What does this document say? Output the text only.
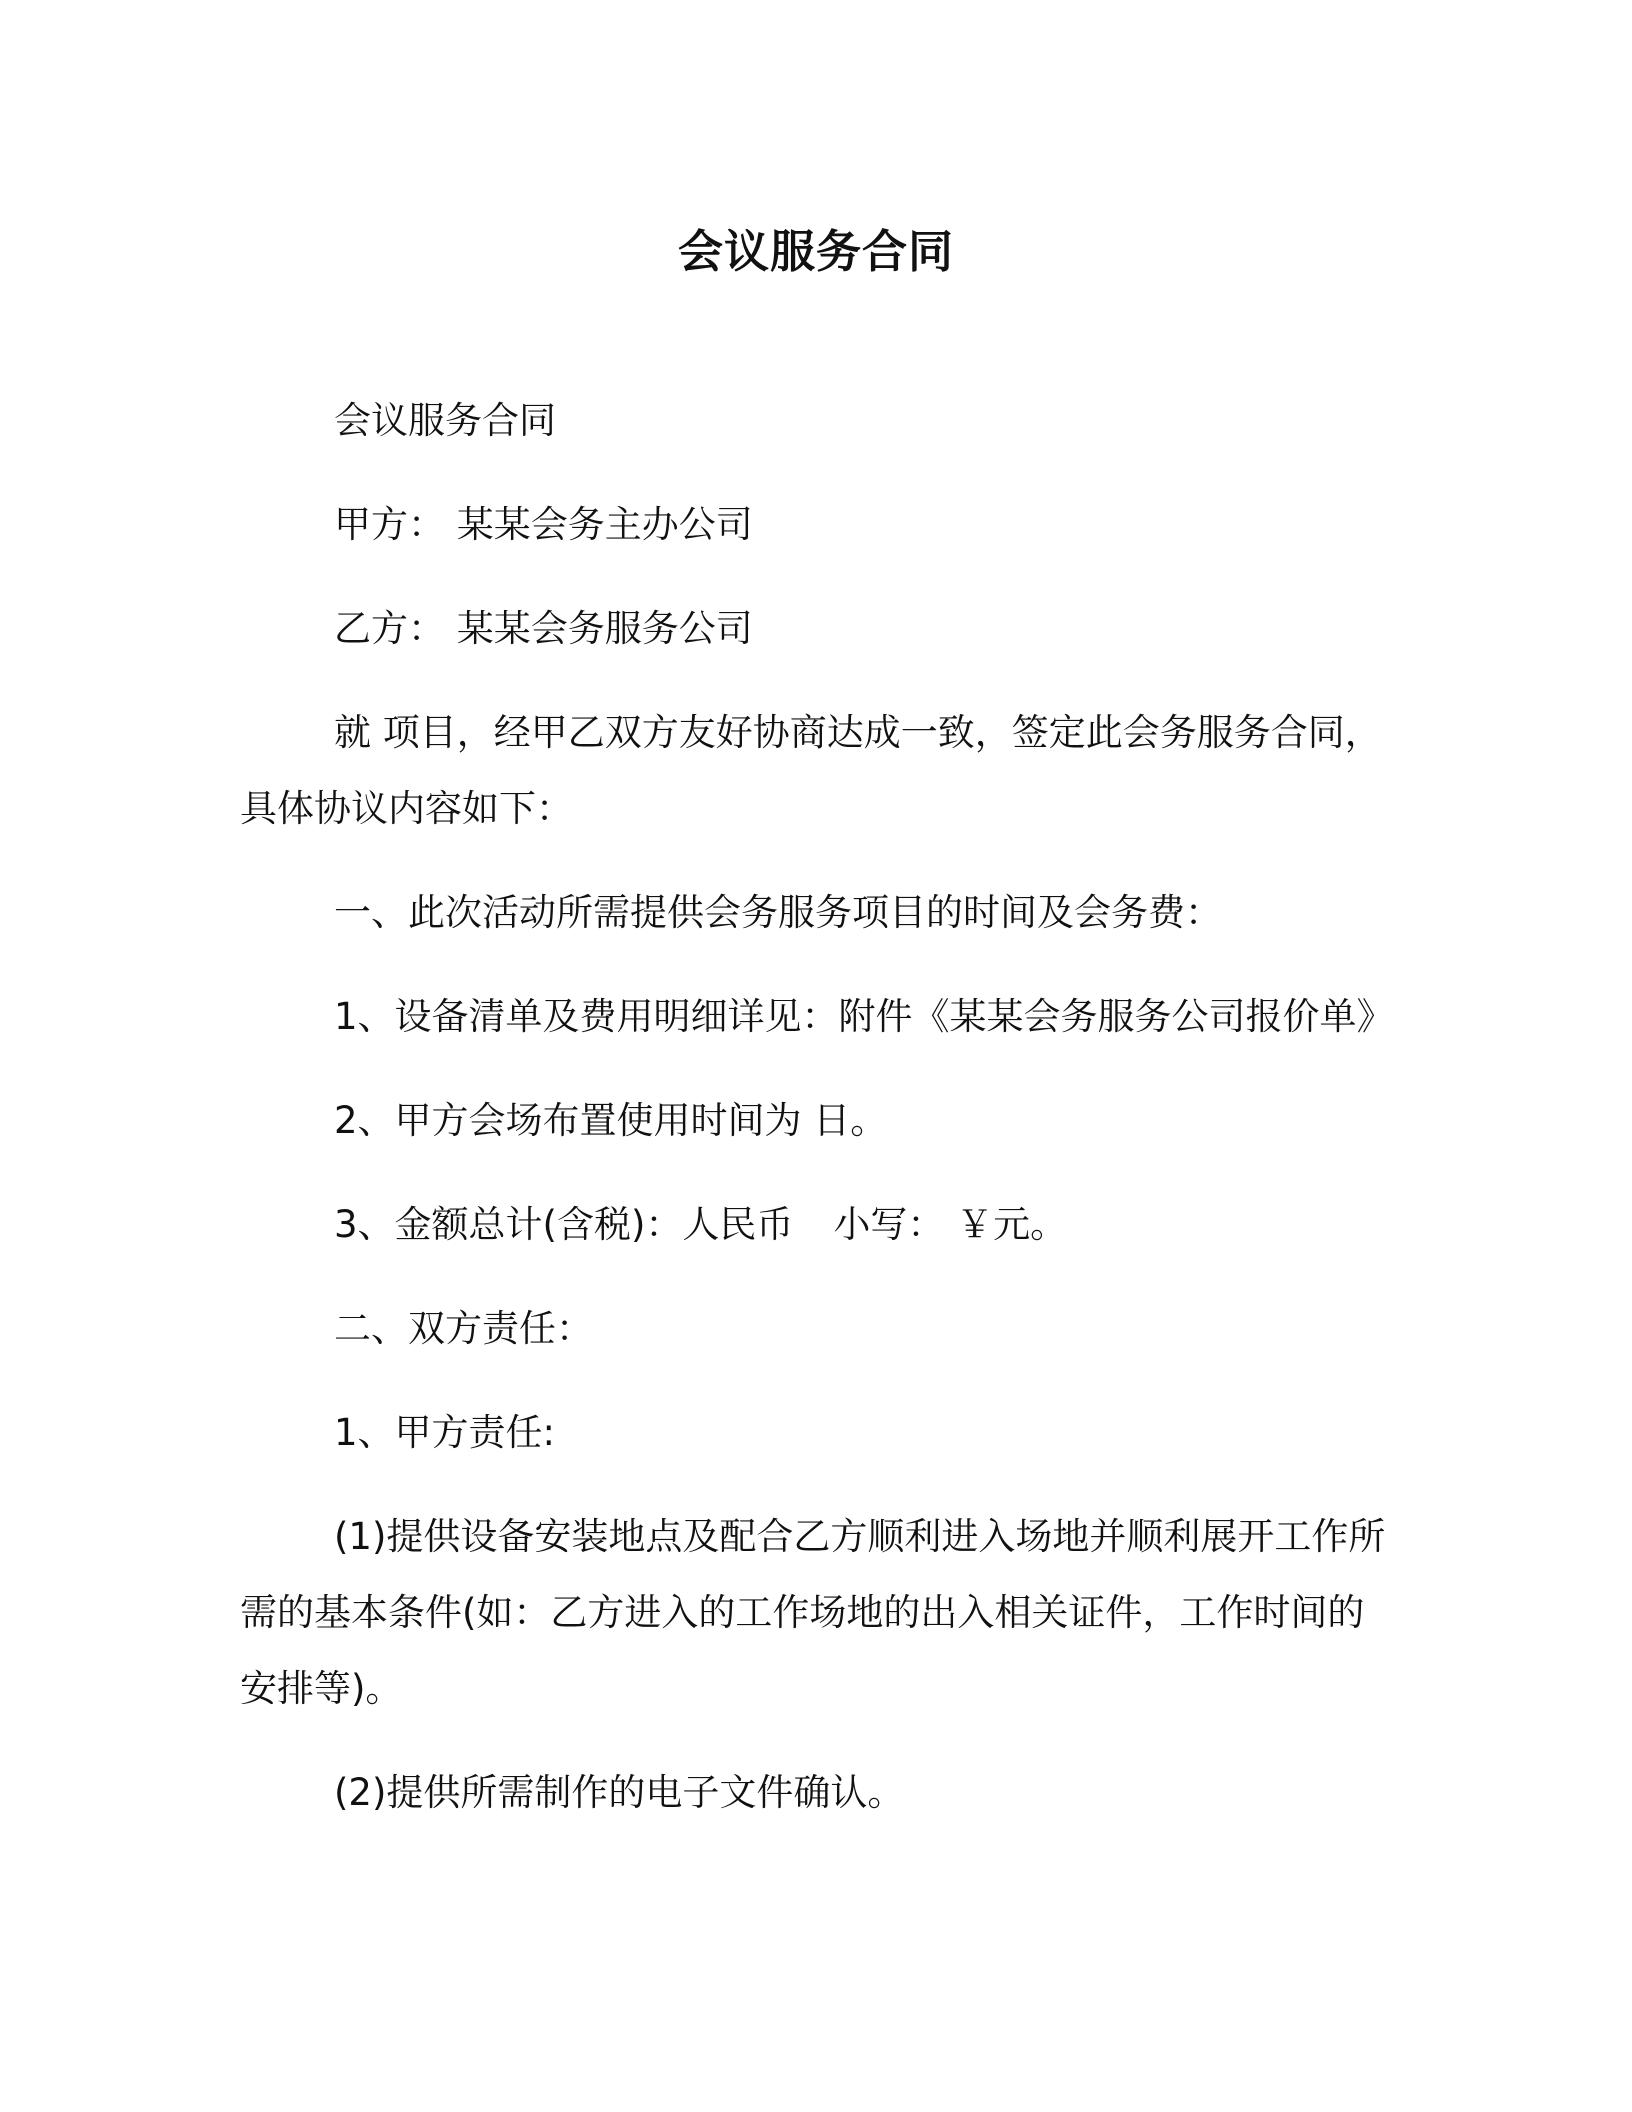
会议服务合同
会议服务合同
甲方： 某某会务主办公司
乙方： 某某会务服务公司
就 项目，经甲乙双方友好协商达成一致，签定此会务服务合同，
具体协议内容如下：
一、此次活动所需提供会务服务项目的时间及会务费：
1、设备清单及费用明细详见：附件《某某会务服务公司报价单》
2、甲方会场布置使用时间为 日。
3、金额总计(含税)：人民币 小写： ￥元。
二、双方责任：
1、甲方责任:
(1)提供设备安装地点及配合乙方顺利进入场地并顺利展开工作所
需的基本条件(如：乙方进入的工作场地的出入相关证件，工作时间的
安排等)。
(2)提供所需制作的电子文件确认。
